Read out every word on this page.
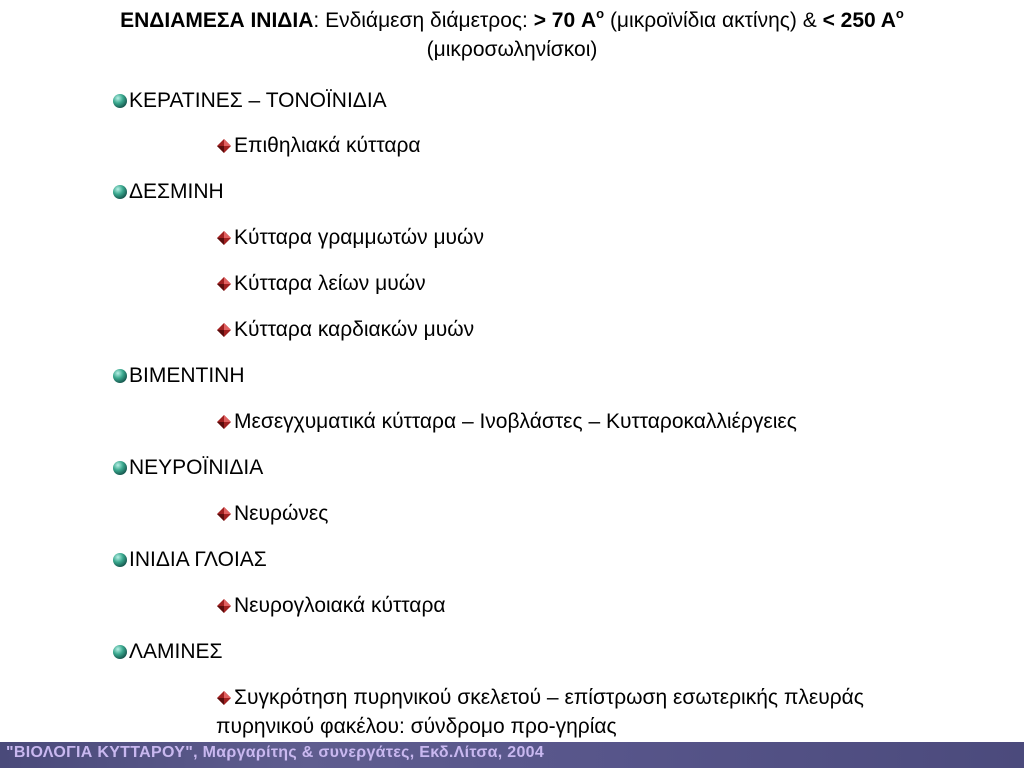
ΕΝΔΙΑΜΕΣΑ ΙΝΙΔΙΑ: Ενδιάμεση διάμετρος: > 70 $A^o$ (μικροϊνίδια ακτίνης) & < 250 $A^o$
(μικροσωληνίσκοι)
ΚΕΡΑΤΙΝΕΣ – ΤΟΝΟΪΝΙΔΙΑ
Επιθηλιακά κύτταρα
ΔΕΣΜΙΝΗ
Κύτταρα γραμμωτών μυών
Κύτταρα λείων μυών
Κύτταρα καρδιακών μυών
ΒΙΜΕΝΤΙΝΗ
Μεσεγχυματικά κύτταρα – Ινοβλάστες – Κυτταροκαλλιέργειες
ΝΕΥΡΟΪΝΙΔΙΑ
Νευρώνες
ΙΝΙΔΙΑ ΓΛΟΙΑΣ
Νευρογλοιακά κύτταρα
ΛΑΜΙΝΕΣ
Συγκρότηση πυρηνικού σκελετού – επίστρωση εσωτερικής πλευράς
πυρηνικού φακέλου: σύνδρομο προ-γηρίας
"ΒΙΟΛΟΓΙΑ ΚΥΤΤΑΡΟΥ", Μαργαρίτης & συνεργάτες, Εκδ.Λίτσα, 2004
